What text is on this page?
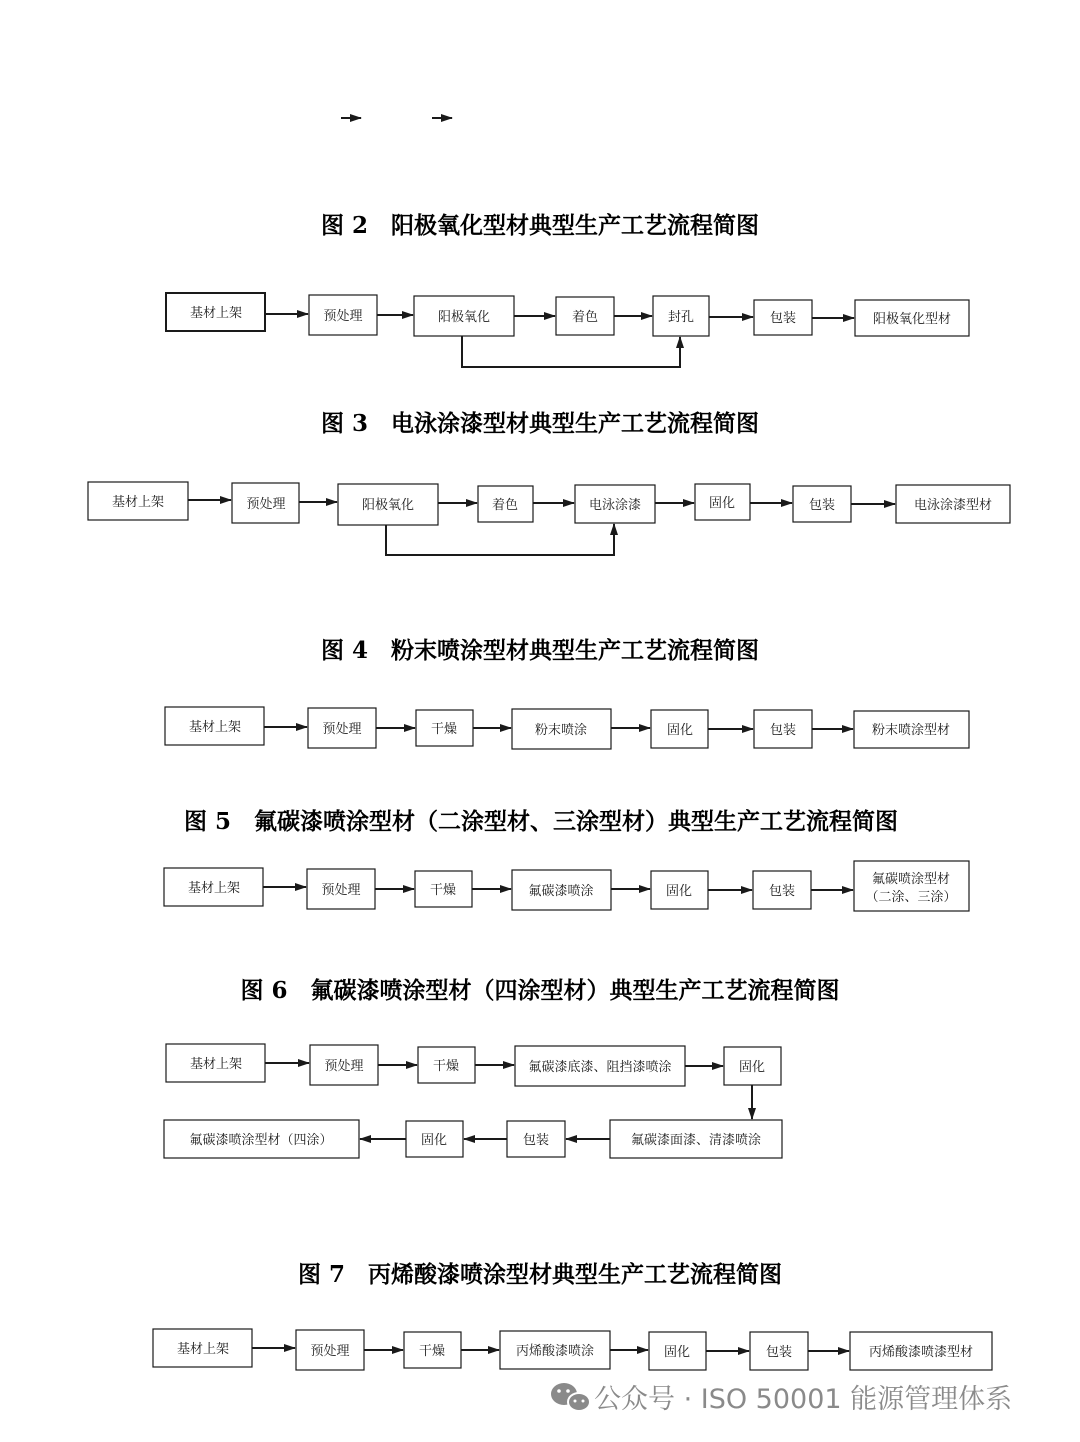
图 2　阳极氧化型材典型生产工艺流程简图
图 3　电泳涂漆型材典型生产工艺流程简图
图 4　粉末喷涂型材典型生产工艺流程简图
图 5　氟碳漆喷涂型材（二涂型材、三涂型材）典型生产工艺流程简图
图 6　氟碳漆喷涂型材（四涂型材）典型生产工艺流程简图
图 7　丙烯酸漆喷涂型材典型生产工艺流程简图
基材上架	预处理	阳极氧化	着色	封孔	包装	阳极氧化型材
基材上架	预处理	阳极氧化	着色	电泳涂漆	固化	包装	电泳涂漆型材
基材上架	预处理	干燥	粉末喷涂	固化	包装	粉末喷涂型材
基材上架	预处理	干燥	氟碳漆喷涂	固化	包装
氟碳喷涂型材
（二涂、三涂）
基材上架	预处理	干燥	氟碳漆底漆、阻挡漆喷涂	固化
氟碳漆面漆、清漆喷涂
包装
固化
氟碳漆喷涂型材（四涂）
基材上架	预处理	干燥	丙烯酸漆喷涂	固化	包装	丙烯酸漆喷漆型材
公众号 · ISO 50001 能源管理体系
